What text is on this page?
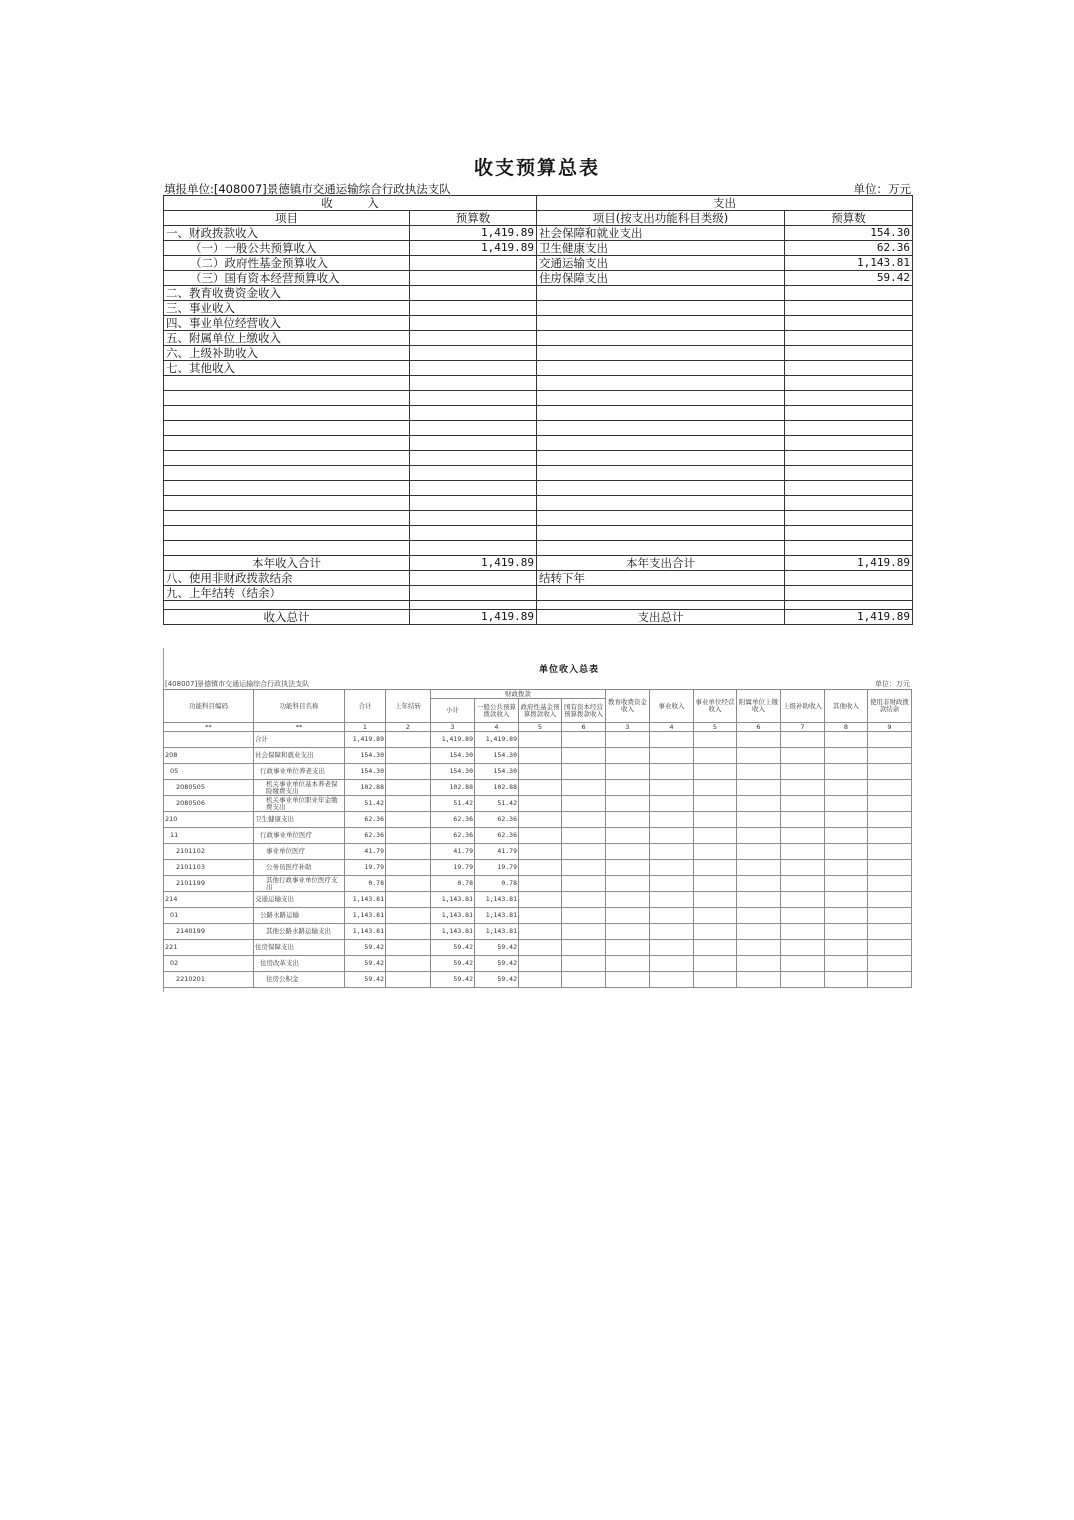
收支预算总表
填报单位:[408007]景德镇市交通运输综合行政执法支队	单位：万元
收　　　入		支出	
项目	预算数	项目(按支出功能科目类级)	预算数
一、财政拨款收入	1,419.89	社会保障和就业支出	154.30
（一）一般公共预算收入	1,419.89	卫生健康支出	62.36
（二）政府性基金预算收入		交通运输支出	1,143.81
（三）国有资本经营预算收入		住房保障支出	59.42
二、教育收费资金收入			
三、事业收入			
四、事业单位经营收入			
五、附属单位上缴收入			
六、上级补助收入			
七、其他收入			

本年收入合计	1,419.89	本年支出合计	1,419.89
八、使用非财政拨款结余		结转下年	
九、上年结转（结余）			

收入总计	1,419.89	支出总计	1,419.89
单位收入总表
[408007]景德镇市交通运输综合行政执法支队	单位：万元
功能科目编码	功能科目名称	合计	上年结转	财政拨款				教育收费资金收入	事业收入	事业单位经营收入	附属单位上缴收入	上级补助收入	其他收入	使用非财政拨款结余
				小计	一般公共预算拨款收入	政府性基金预算拨款收入	国有资本经营预算拨款收入							
**	**	1	2	3	4	5	6	3	4	5	6	7	8	9
	合计	1,419.89		1,419.89	1,419.89									
208	社会保障和就业支出	154.30		154.30	154.30									
05	行政事业单位养老支出	154.30		154.30	154.30									
2080505	机关事业单位基本养老保险缴费支出	102.88		102.88	102.88									
2080506	机关事业单位职业年金缴费支出	51.42		51.42	51.42									
210	卫生健康支出	62.36		62.36	62.36									
11	行政事业单位医疗	62.36		62.36	62.36									
2101102	事业单位医疗	41.79		41.79	41.79									
2101103	公务员医疗补助	19.79		19.79	19.79									
2101199	其他行政事业单位医疗支出	0.78		0.78	0.78									
214	交通运输支出	1,143.81		1,143.81	1,143.81									
01	公路水路运输	1,143.81		1,143.81	1,143.81									
2140199	其他公路水路运输支出	1,143.81		1,143.81	1,143.81									
221	住房保障支出	59.42		59.42	59.42									
02	住房改革支出	59.42		59.42	59.42									
2210201	住房公积金	59.42		59.42	59.42									
